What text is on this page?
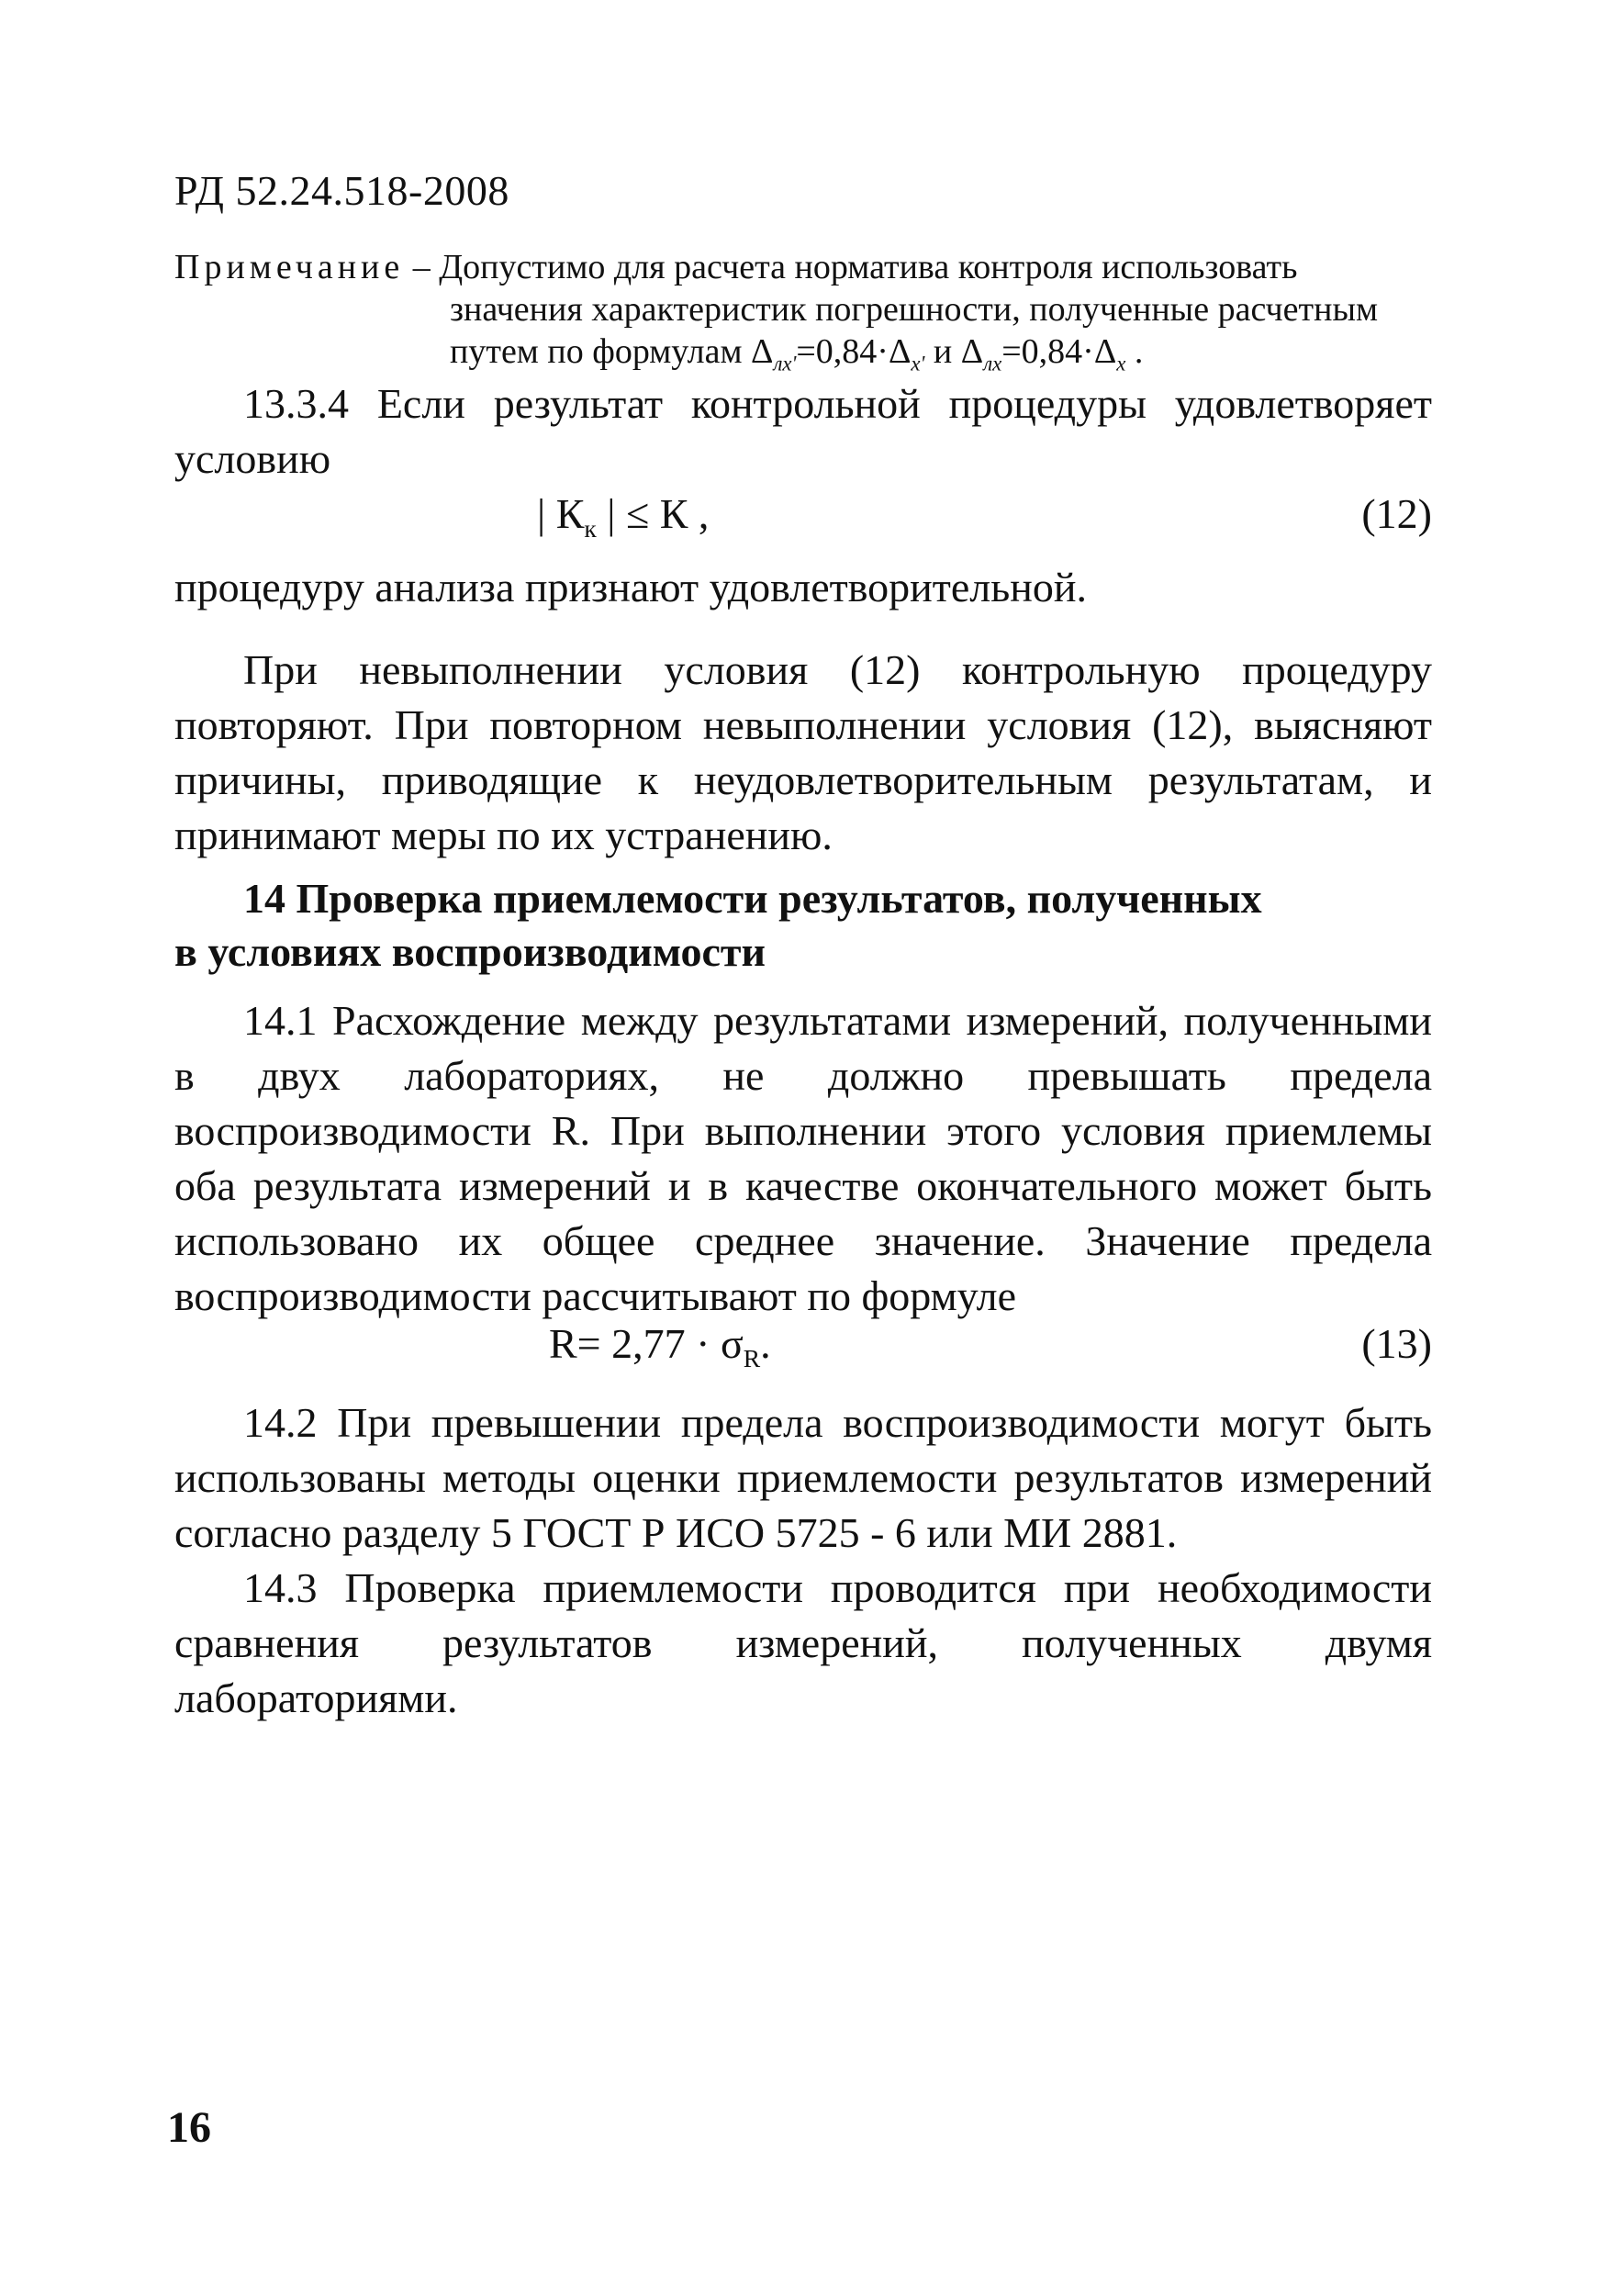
РД 52.24.518-2008
Примечание – Допустимо для расчета норматива контроля использовать
значения характеристик погрешности, полученные расчетным
путем по формулам $\Delta_{лх'}=0,84\cdot\Delta_{x'}$ и $\Delta_{лх}=0,84\cdot\Delta_x$ .
13.3.4 Если результат контрольной процедуры удовлетворяет условию
| $К_к$ | ≤ К ,	(12)
процедуру анализа признают удовлетворительной.
При невыполнении условия (12) контрольную процедуру повторяют. При повторном невыполнении условия (12), выясняют причины, приводящие к неудовлетворительным результатам, и принимают меры по их устранению.
14 Проверка приемлемости результатов, полученных
в условиях воспроизводимости
14.1 Расхождение между результатами измерений, полученными в двух лабораториях, не должно превышать предела воспроизводимости R. При выполнении этого условия приемлемы оба результата измерений и в качестве окончательного может быть использовано их общее среднее значение. Значение предела воспроизводимости рассчитывают по формуле
$R= 2,77 \cdot \sigma_R$.	(13)
14.2 При превышении предела воспроизводимости могут быть использованы методы оценки приемлемости результатов измерений согласно разделу 5 ГОСТ Р ИСО 5725 - 6 или МИ 2881.
14.3 Проверка приемлемости проводится при необходимости сравнения результатов измерений, полученных двумя лабораториями.
16
